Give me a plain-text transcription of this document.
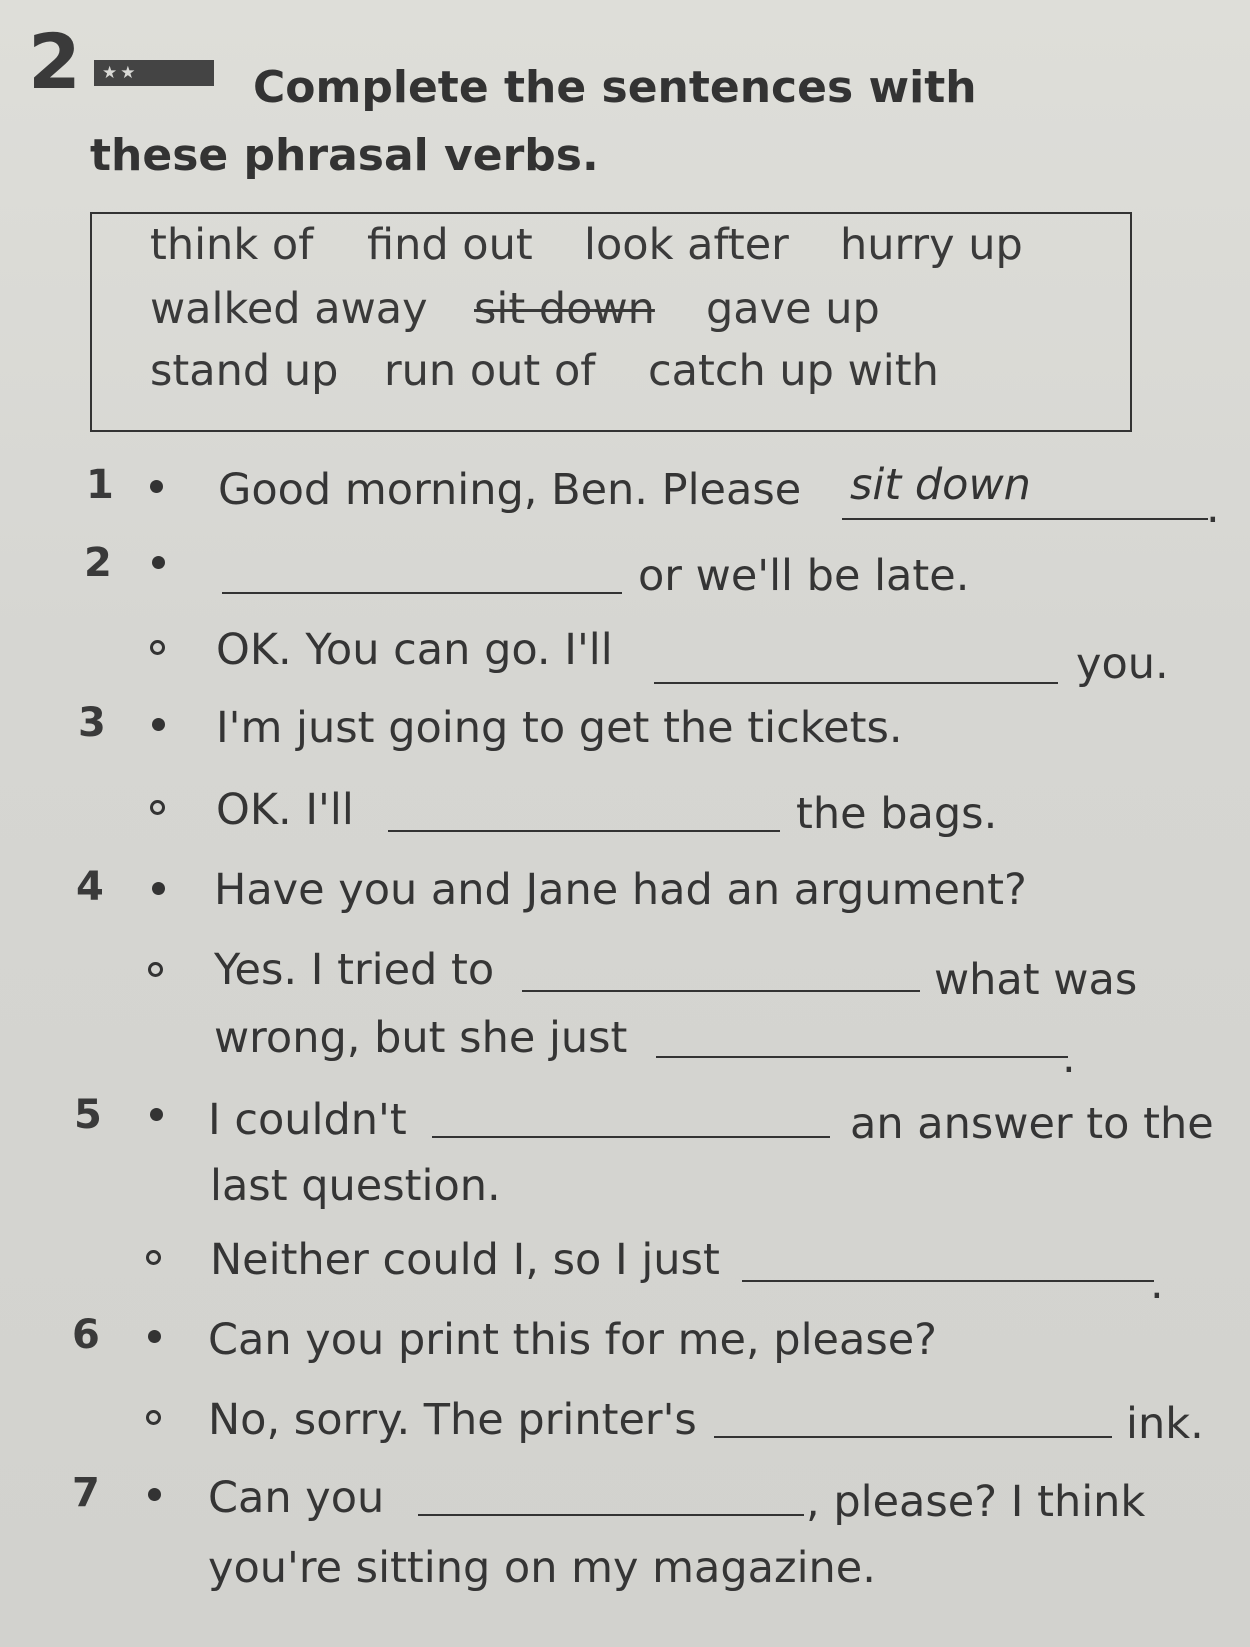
2	★★	Complete the sentences with these phrasal verbs.
think of find out look after hurry up
walked away sit down gave up
stand up run out of catch up with
1 Good morning, Ben. Please sit down	.
2	or we'll be late.
OK. You can go. I'll	you.
3	I'm just going to get the tickets.
OK. I'll	the bags.
4	Have you and Jane had an argument?
Yes. I tried to	what was
wrong, but she just	.
5 I couldn't	an answer to the
last question.
Neither could I, so I just	.
6	Can you print this for me, please?
No, sorry. The printer's	ink.
7	Can you	, please? I think
you're sitting on my magazine.
